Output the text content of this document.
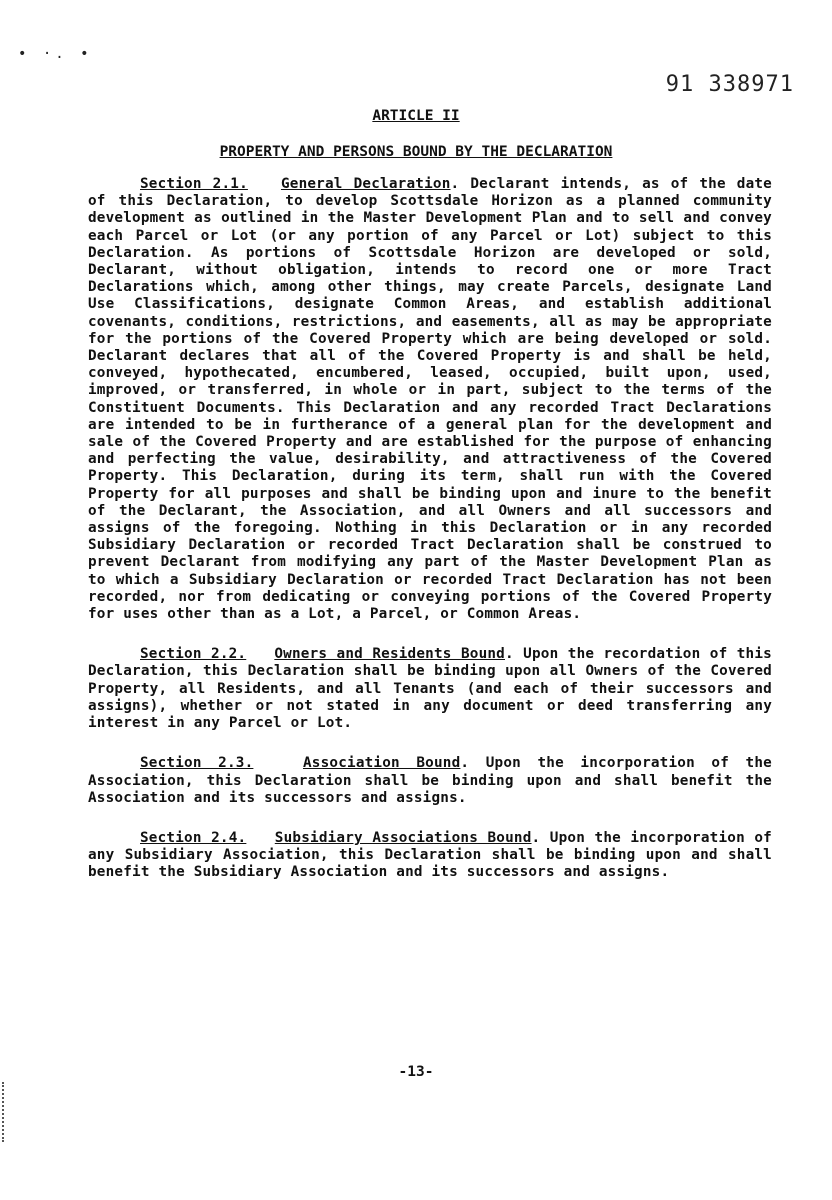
• ·. •
91 338971
ARTICLE II
PROPERTY AND PERSONS BOUND BY THE DECLARATION

Section 2.1. General Declaration. Declarant intends, as of the date of this Declaration, to develop Scottsdale Horizon as a planned community development as outlined in the Master Development Plan and to sell and convey each Parcel or Lot (or any portion of any Parcel or Lot) subject to this Declaration. As portions of Scottsdale Horizon are developed or sold, Declarant, without obligation, intends to record one or more Tract Declarations which, among other things, may create Parcels, designate Land Use Classifications, designate Common Areas, and establish additional covenants, conditions, restrictions, and easements, all as may be appropriate for the portions of the Covered Property which are being developed or sold. Declarant declares that all of the Covered Property is and shall be held, conveyed, hypothecated, encumbered, leased, occupied, built upon, used, improved, or transferred, in whole or in part, subject to the terms of the Constituent Documents. This Declaration and any recorded Tract Declarations are intended to be in furtherance of a general plan for the development and sale of the Covered Property and are established for the purpose of enhancing and perfecting the value, desirability, and attractiveness of the Covered Property. This Declaration, during its term, shall run with the Covered Property for all purposes and shall be binding upon and inure to the benefit of the Declarant, the Association, and all Owners and all successors and assigns of the foregoing. Nothing in this Declaration or in any recorded Subsidiary Declaration or recorded Tract Declaration shall be construed to prevent Declarant from modifying any part of the Master Development Plan as to which a Subsidiary Declaration or recorded Tract Declaration has not been recorded, nor from dedicating or conveying portions of the Covered Property for uses other than as a Lot, a Parcel, or Common Areas.

Section 2.2. Owners and Residents Bound. Upon the recordation of this Declaration, this Declaration shall be binding upon all Owners of the Covered Property, all Residents, and all Tenants (and each of their successors and assigns), whether or not stated in any document or deed transferring any interest in any Parcel or Lot.

Section 2.3.	Association Bound. Upon the incorporation of the Association, this Declaration shall be binding upon and shall benefit the Association and its successors and assigns.

Section 2.4. Subsidiary Associations Bound. Upon the incorporation of any Subsidiary Association, this Declaration shall be binding upon and shall benefit the Subsidiary Association and its successors and assigns.

-13-
